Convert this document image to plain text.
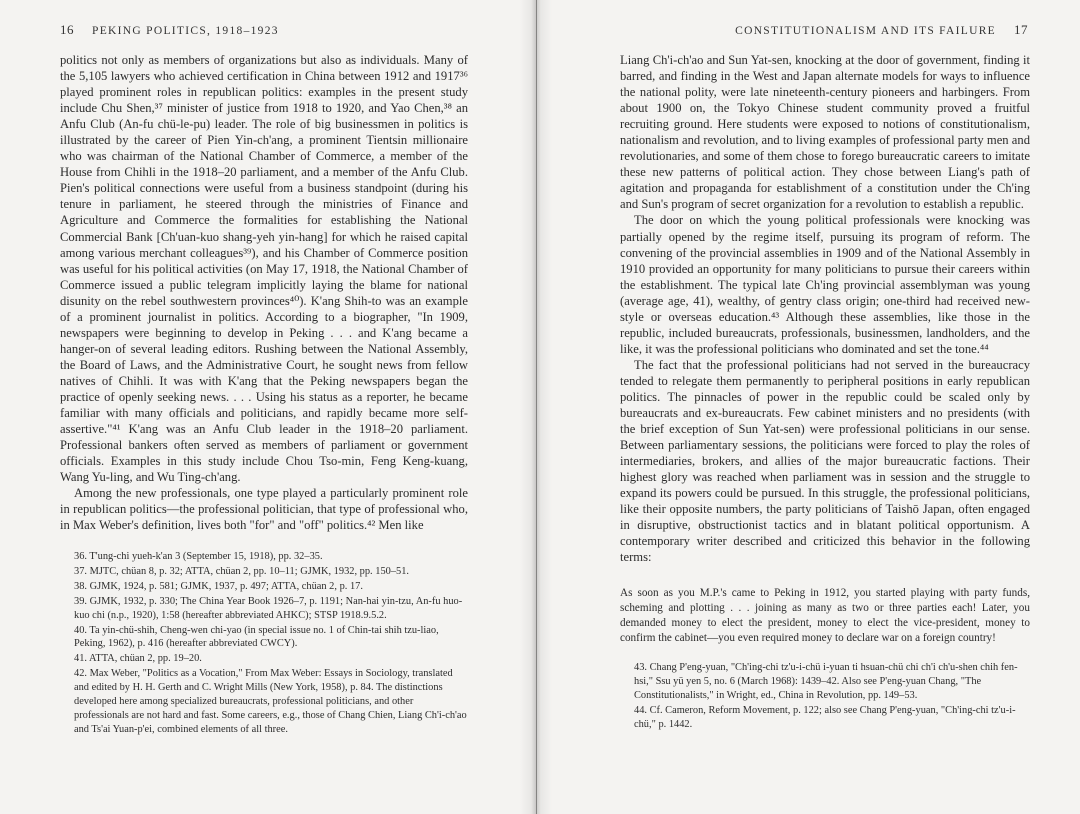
16 PEKING POLITICS, 1918–1923

politics not only as members of organizations but also as individuals. Many of the 5,105 lawyers who achieved certification in China between 1912 and 1917³⁶ played prominent roles in republican politics: examples in the present study include Chu Shen,³⁷ minister of justice from 1918 to 1920, and Yao Chen,³⁸ an Anfu Club (An-fu chü-le-pu) leader. The role of big businessmen in politics is illustrated by the career of Pien Yin-ch'ang, a prominent Tientsin millionaire who was chairman of the National Chamber of Commerce, a member of the House from Chihli in the 1918–20 parliament, and a member of the Anfu Club. Pien's political connections were useful from a business standpoint (during his tenure in parliament, he steered through the ministries of Finance and Agriculture and Commerce the formalities for establishing the National Commercial Bank [Ch'uan-kuo shang-yeh yin-hang] for which he raised capital among various merchant colleagues³⁹), and his Chamber of Commerce position was useful for his political activities (on May 17, 1918, the National Chamber of Commerce issued a public telegram implicitly laying the blame for national disunity on the rebel southwestern provinces⁴⁰). K'ang Shih-to was an example of a prominent journalist in politics. According to a biographer, "In 1909, newspapers were beginning to develop in Peking . . . and K'ang became a hanger-on of several leading editors. Rushing between the National Assembly, the Board of Laws, and the Administrative Court, he sought news from fellow natives of Chihli. It was with K'ang that the Peking newspapers began the practice of openly seeking news. . . . Using his status as a reporter, he became familiar with many officials and politicians, and rapidly became more self-assertive."⁴¹ K'ang was an Anfu Club leader in the 1918–20 parliament. Professional bankers often served as members of parliament or government officials. Examples in this study include Chou Tso-min, Feng Keng-kuang, Wang Yu-ling, and Wu Ting-ch'ang.

Among the new professionals, one type played a particularly prominent role in republican politics—the professional politician, that type of professional who, in Max Weber's definition, lives both "for" and "off" politics.⁴² Men like

36. T'ung-chi yueh-k'an 3 (September 15, 1918), pp. 32–35.

37. MJTC, chüan 8, p. 32; ATTA, chüan 2, pp. 10–11; GJMK, 1932, pp. 150–51.

38. GJMK, 1924, p. 581; GJMK, 1937, p. 497; ATTA, chüan 2, p. 17.

39. GJMK, 1932, p. 330; The China Year Book 1926–7, p. 1191; Nan-hai yin-tzu, An-fu huo-kuo chi (n.p., 1920), 1:58 (hereafter abbreviated AHKC); STSP 1918.9.5.2.

40. Ta yin-chü-shih, Cheng-wen chi-yao (in special issue no. 1 of Chin-tai shih tzu-liao, Peking, 1962), p. 416 (hereafter abbreviated CWCY).

41. ATTA, chüan 2, pp. 19–20.

42. Max Weber, "Politics as a Vocation," From Max Weber: Essays in Sociology, translated and edited by H. H. Gerth and C. Wright Mills (New York, 1958), p. 84. The distinctions developed here among specialized bureaucrats, professional politicians, and other professionals are not hard and fast. Some careers, e.g., those of Chang Chien, Liang Ch'i-ch'ao and Ts'ai Yuan-p'ei, combined elements of all three.

CONSTITUTIONALISM AND ITS FAILURE 17

Liang Ch'i-ch'ao and Sun Yat-sen, knocking at the door of government, finding it barred, and finding in the West and Japan alternate models for ways to influence the national polity, were late nineteenth-century pioneers and harbingers. From about 1900 on, the Tokyo Chinese student community proved a fruitful recruiting ground. Here students were exposed to notions of constitutionalism, nationalism and revolution, and to living examples of professional party men and revolutionaries, and some of them chose to forego bureaucratic careers to imitate these new patterns of political action. They chose between Liang's path of agitation and propaganda for establishment of a constitution under the Ch'ing and Sun's program of secret organization for a revolution to establish a republic.

The door on which the young political professionals were knocking was partially opened by the regime itself, pursuing its program of reform. The convening of the provincial assemblies in 1909 and of the National Assembly in 1910 provided an opportunity for many politicians to pursue their careers within the establishment. The typical late Ch'ing provincial assemblyman was young (average age, 41), wealthy, of gentry class origin; one-third had received new-style or overseas education.⁴³ Although these assemblies, like those in the republic, included bureaucrats, professionals, businessmen, landholders, and the like, it was the professional politicians who dominated and set the tone.⁴⁴

The fact that the professional politicians had not served in the bureaucracy tended to relegate them permanently to peripheral positions in early republican politics. The pinnacles of power in the republic could be scaled only by bureaucrats and ex-bureaucrats. Few cabinet ministers and no presidents (with the brief exception of Sun Yat-sen) were professional politicians in our sense. Between parliamentary sessions, the politicians were forced to play the roles of intermediaries, brokers, and allies of the major bureaucratic factions. Their highest glory was reached when parliament was in session and the struggle to expand its powers could be pursued. In this struggle, the professional politicians, like their opposite numbers, the party politicians of Taishō Japan, often engaged in disruptive, obstructionist tactics and in blatant political opportunism. A contemporary writer described and criticized this behavior in the following terms:

As soon as you M.P.'s came to Peking in 1912, you started playing with party funds, scheming and plotting . . . joining as many as two or three parties each! Later, you demanded money to elect the president, money to elect the vice-president, money to confirm the cabinet—you even required money to declare war on a foreign country!

43. Chang P'eng-yuan, "Ch'ing-chi tz'u-i-chü i-yuan ti hsuan-chü chi ch'i ch'u-shen chih fen-hsi," Ssu yü yen 5, no. 6 (March 1968): 1439–42. Also see P'eng-yuan Chang, "The Constitutionalists," in Wright, ed., China in Revolution, pp. 149–53.

44. Cf. Cameron, Reform Movement, p. 122; also see Chang P'eng-yuan, "Ch'ing-chi tz'u-i-chü," p. 1442.
